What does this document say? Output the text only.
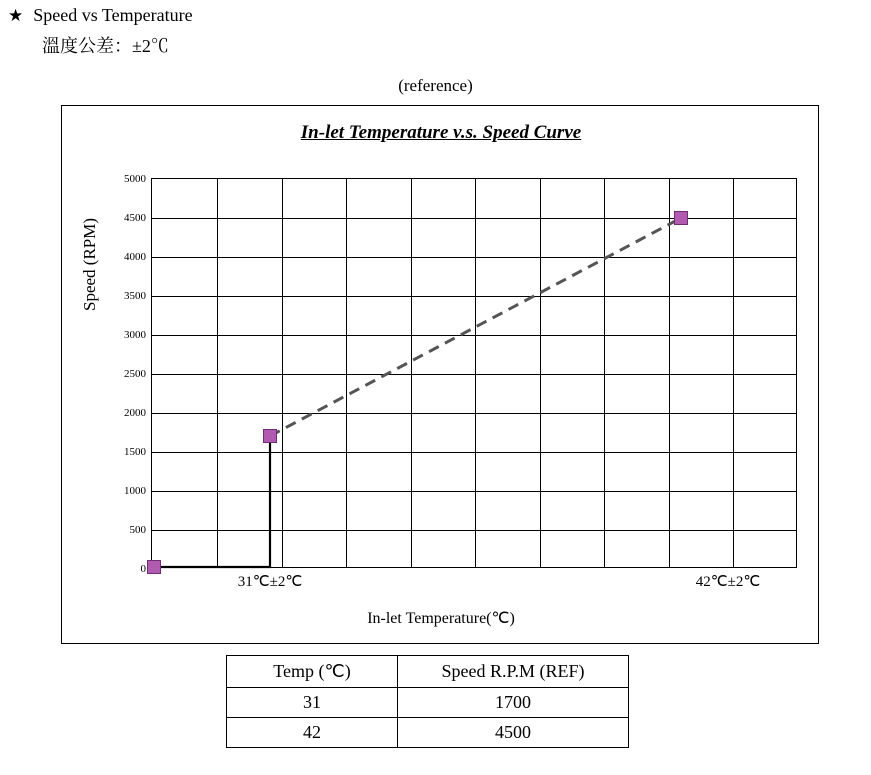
★ Speed vs Temperature
溫度公差：±2℃
(reference)
In-let Temperature v.s. Speed Curve
Speed (RPM)
5000
4500
4000
3500
3000
2500
2000
1500
1000
500
0
31℃±2℃	42℃±2℃
In-let Temperature(℃)
Temp (℃)	Speed R.P.M (REF)
31	1700
42	4500
